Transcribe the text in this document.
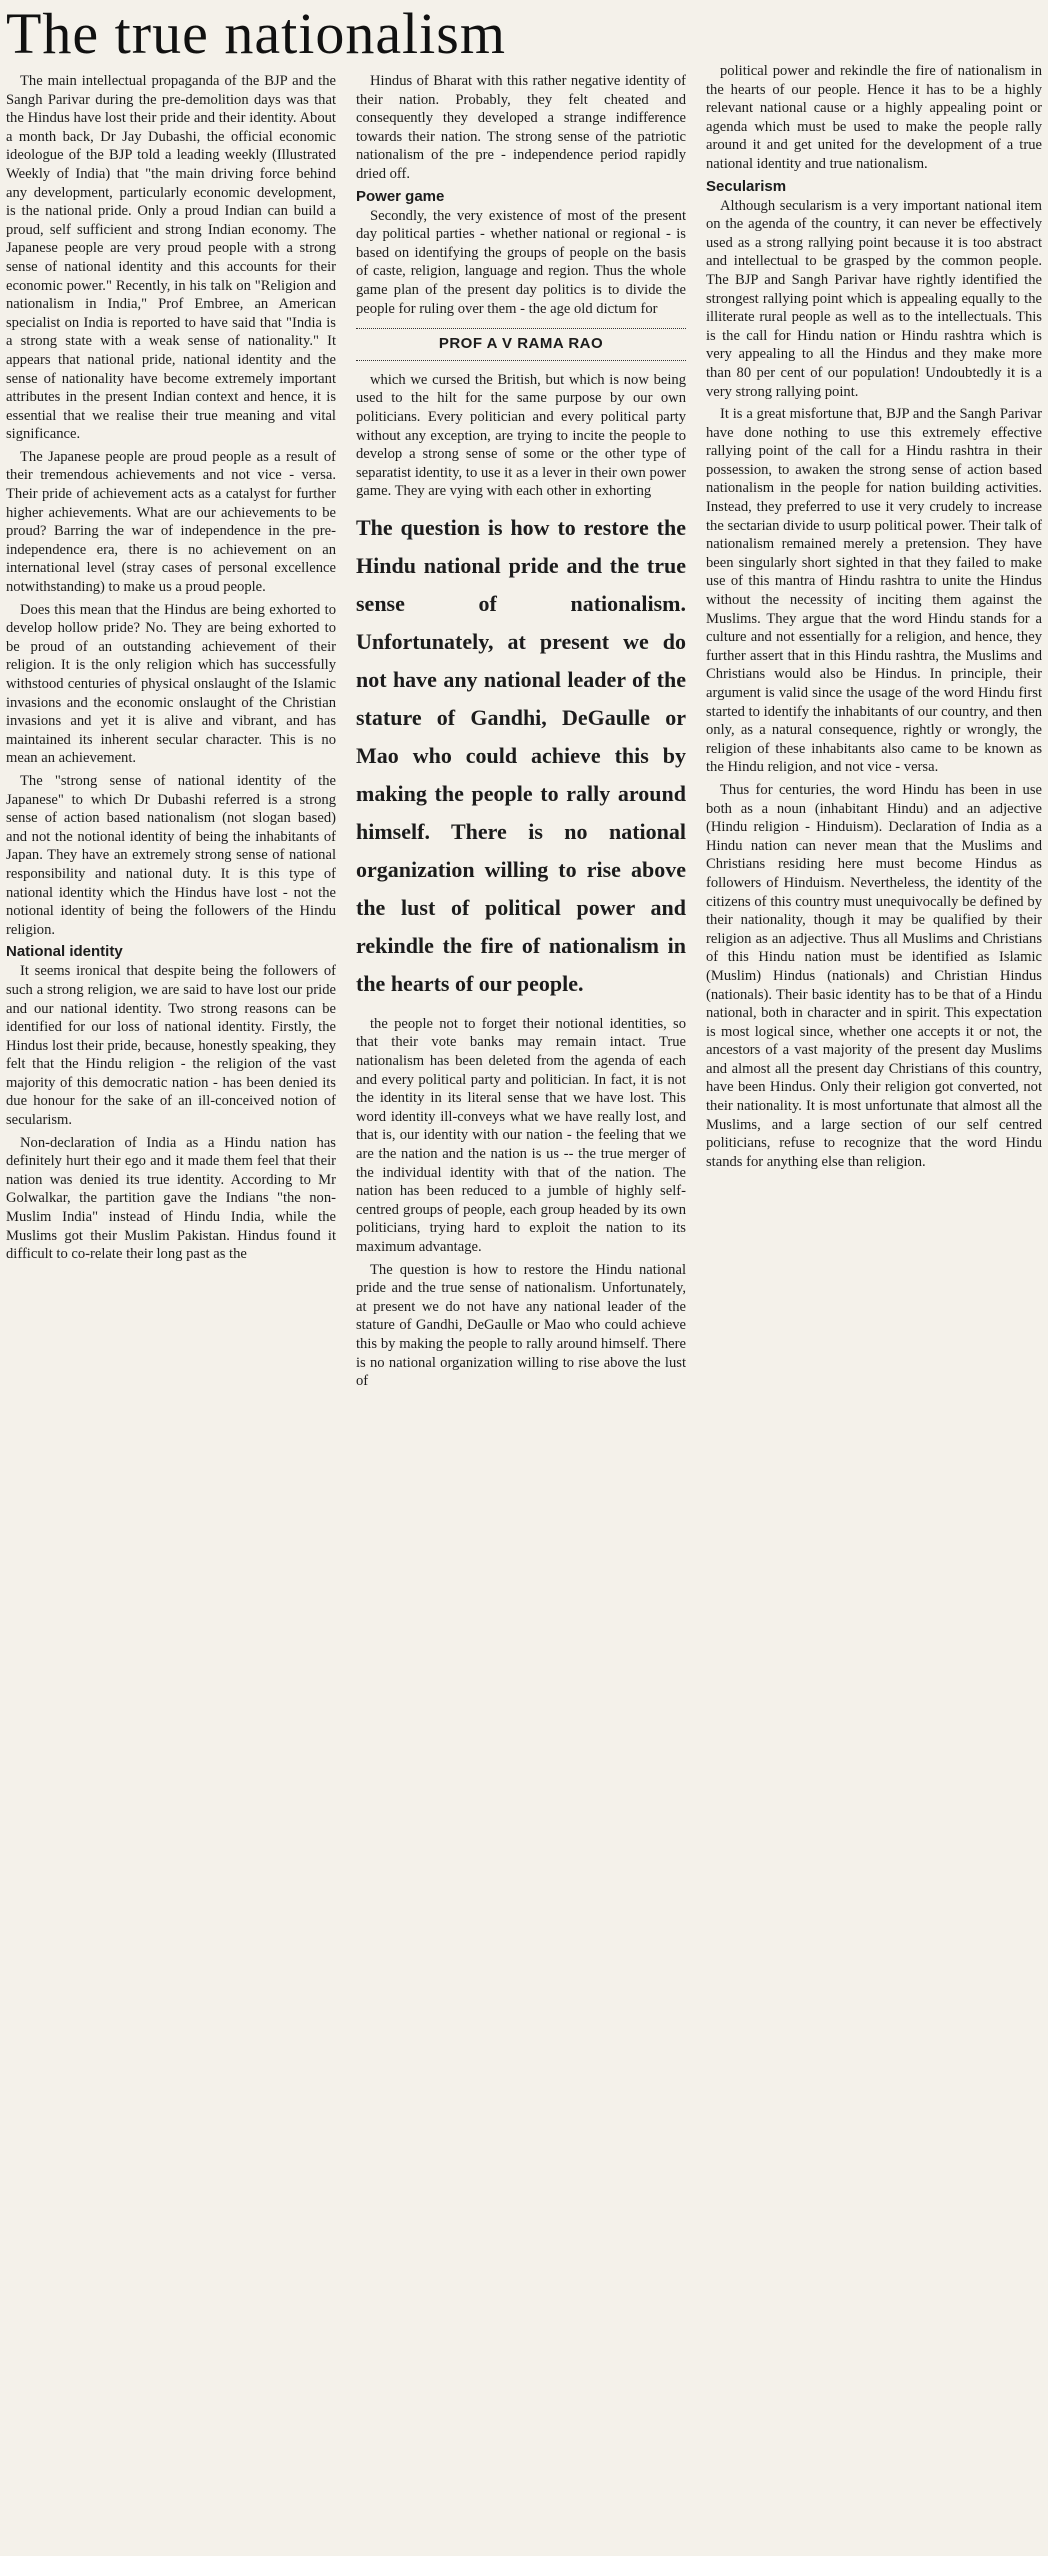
The true nationalism

The main intellectual propaganda of the BJP and the Sangh Parivar during the pre-demolition days was that the Hindus have lost their pride and their identity. About a month back, Dr Jay Dubashi, the official economic ideologue of the BJP told a leading weekly (Illustrated Weekly of India) that "the main driving force behind any development, particularly economic development, is the national pride. Only a proud Indian can build a proud, self sufficient and strong Indian economy. The Japanese people are very proud people with a strong sense of national identity and this accounts for their economic power." Recently, in his talk on "Religion and nationalism in India," Prof Embree, an American specialist on India is reported to have said that "India is a strong state with a weak sense of nationality." It appears that national pride, national identity and the sense of nationality have become extremely important attributes in the present Indian context and hence, it is essential that we realise their true meaning and vital significance.

The Japanese people are proud people as a result of their tremendous achievements and not vice - versa. Their pride of achievement acts as a catalyst for further higher achievements. What are our achievements to be proud? Barring the war of independence in the pre-independence era, there is no achievement on an international level (stray cases of personal excellence notwithstanding) to make us a proud people.

Does this mean that the Hindus are being exhorted to develop hollow pride? No. They are being exhorted to be proud of an outstanding achievement of their religion. It is the only religion which has successfully withstood centuries of physical onslaught of the Islamic invasions and the economic onslaught of the Christian invasions and yet it is alive and vibrant, and has maintained its inherent secular character. This is no mean an achievement.

The "strong sense of national identity of the Japanese" to which Dr Dubashi referred is a strong sense of action based nationalism (not slogan based) and not the notional identity of being the inhabitants of Japan. They have an extremely strong sense of national responsibility and national duty. It is this type of national identity which the Hindus have lost - not the notional identity of being the followers of the Hindu religion.

National identity

It seems ironical that despite being the followers of such a strong religion, we are said to have lost our pride and our national identity. Two strong reasons can be identified for our loss of national identity. Firstly, the Hindus lost their pride, because, honestly speaking, they felt that the Hindu religion - the religion of the vast majority of this democratic nation - has been denied its due honour for the sake of an ill-conceived notion of secularism.

Non-declaration of India as a Hindu nation has definitely hurt their ego and it made them feel that their nation was denied its true identity. According to Mr Golwalkar, the partition gave the Indians "the non-Muslim India" instead of Hindu India, while the Muslims got their Muslim Pakistan. Hindus found it difficult to co-relate their long past as the

Hindus of Bharat with this rather negative identity of their nation. Probably, they felt cheated and consequently they developed a strange indifference towards their nation. The strong sense of the patriotic nationalism of the pre - independence period rapidly dried off.

Power game

Secondly, the very existence of most of the present day political parties - whether national or regional - is based on identifying the groups of people on the basis of caste, religion, language and region. Thus the whole game plan of the present day politics is to divide the people for ruling over them - the age old dictum for

PROF A V RAMA RAO

which we cursed the British, but which is now being used to the hilt for the same purpose by our own politicians. Every politician and every political party without any exception, are trying to incite the people to develop a strong sense of some or the other type of separatist identity, to use it as a lever in their own power game. They are vying with each other in exhorting

The question is how to restore the Hindu national pride and the true sense of nationalism. Unfortunately, at present we do not have any national leader of the stature of Gandhi, DeGaulle or Mao who could achieve this by making the people to rally around himself. There is no national organization willing to rise above the lust of political power and rekindle the fire of nationalism in the hearts of our people.

the people not to forget their notional identities, so that their vote banks may remain intact. True nationalism has been deleted from the agenda of each and every political party and politician. In fact, it is not the identity in its literal sense that we have lost. This word identity ill-conveys what we have really lost, and that is, our identity with our nation - the feeling that we are the nation and the nation is us -- the true merger of the individual identity with that of the nation. The nation has been reduced to a jumble of highly self-centred groups of people, each group headed by its own politicians, trying hard to exploit the nation to its maximum advantage.

The question is how to restore the Hindu national pride and the true sense of nationalism. Unfortunately, at present we do not have any national leader of the stature of Gandhi, DeGaulle or Mao who could achieve this by making the people to rally around himself. There is no national organization willing to rise above the lust of

political power and rekindle the fire of nationalism in the hearts of our people. Hence it has to be a highly relevant national cause or a highly appealing point or agenda which must be used to make the people rally around it and get united for the development of a true national identity and true nationalism.

Secularism

Although secularism is a very important national item on the agenda of the country, it can never be effectively used as a strong rallying point because it is too abstract and intellectual to be grasped by the common people. The BJP and Sangh Parivar have rightly identified the strongest rallying point which is appealing equally to the illiterate rural people as well as to the intellectuals. This is the call for Hindu nation or Hindu rashtra which is very appealing to all the Hindus and they make more than 80 per cent of our population! Undoubtedly it is a very strong rallying point.

It is a great misfortune that, BJP and the Sangh Parivar have done nothing to use this extremely effective rallying point of the call for a Hindu rashtra in their possession, to awaken the strong sense of action based nationalism in the people for nation building activities. Instead, they preferred to use it very crudely to increase the sectarian divide to usurp political power. Their talk of nationalism remained merely a pretension. They have been singularly short sighted in that they failed to make use of this mantra of Hindu rashtra to unite the Hindus without the necessity of inciting them against the Muslims. They argue that the word Hindu stands for a culture and not essentially for a religion, and hence, they further assert that in this Hindu rashtra, the Muslims and Christians would also be Hindus. In principle, their argument is valid since the usage of the word Hindu first started to identify the inhabitants of our country, and then only, as a natural consequence, rightly or wrongly, the religion of these inhabitants also came to be known as the Hindu religion, and not vice - versa.

Thus for centuries, the word Hindu has been in use both as a noun (inhabitant Hindu) and an adjective (Hindu religion - Hinduism). Declaration of India as a Hindu nation can never mean that the Muslims and Christians residing here must become Hindus as followers of Hinduism. Nevertheless, the identity of the citizens of this country must unequivocally be defined by their nationality, though it may be qualified by their religion as an adjective. Thus all Muslims and Christians of this Hindu nation must be identified as Islamic (Muslim) Hindus (nationals) and Christian Hindus (nationals). Their basic identity has to be that of a Hindu national, both in character and in spirit. This expectation is most logical since, whether one accepts it or not, the ancestors of a vast majority of the present day Muslims and almost all the present day Christians of this country, have been Hindus. Only their religion got converted, not their nationality. It is most unfortunate that almost all the Muslims, and a large section of our self centred politicians, refuse to recognize that the word Hindu stands for anything else than religion.
